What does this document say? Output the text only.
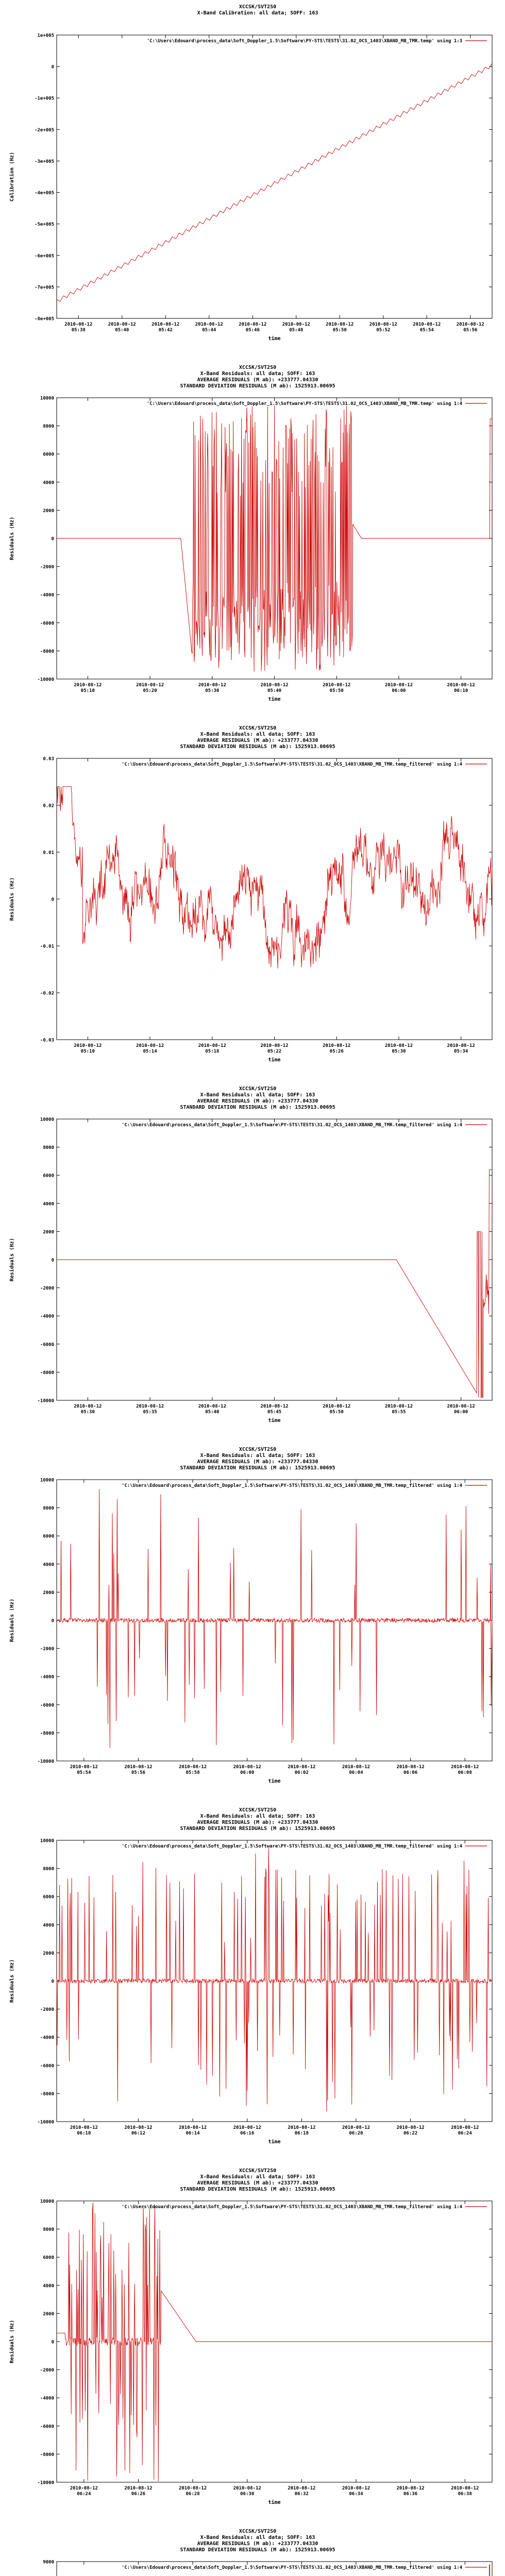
XCCSK/SVT2S0
X-Band Calibration: all data; SOFF: 163
'C:\Users\Edouard\process_data\Soft_Doppler_1.5\Software\PY-STS\TESTS\31.02_OCS_1403\XBAND_MB_TMR.temp' using 1:3
1e+005
0
-1e+005
-2e+005
-3e+005
-4e+005
-5e+005
-6e+005
-7e+005
-8e+005
2010-08-12
05:38
2010-08-12
05:40
2010-08-12
05:42
2010-08-12
05:44
2010-08-12
05:46
2010-08-12
05:48
2010-08-12
05:50
2010-08-12
05:52
2010-08-12
05:54
2010-08-12
05:56
time
Calibration (Hz)
XCCSK/SVT2S0
X-Band Residuals: all data; SOFF: 163
AVERAGE RESIDUALS (M ab): +233777.04330
STANDARD DEVIATION RESIDUALS (M ab): 1525913.00695
'C:\Users\Edouard\process_data\Soft_Doppler_1.5\Software\PY-STS\TESTS\31.02_OCS_1403\XBAND_MB_TMR.temp' using 1:4
10000
8000
6000
4000
2000
0
-2000
-4000
-6000
-8000
-10000
2010-08-12
05:10
2010-08-12
05:20
2010-08-12
05:30
2010-08-12
05:40
2010-08-12
05:50
2010-08-12
06:00
2010-08-12
06:10
time
Residuals (Hz)
XCCSK/SVT2S0
X-Band Residuals: all data; SOFF: 163
AVERAGE RESIDUALS (M ab): +233777.04330
STANDARD DEVIATION RESIDUALS (M ab): 1525913.00695
'C:\Users\Edouard\process_data\Soft_Doppler_1.5\Software\PY-STS\TESTS\31.02_OCS_1403\XBAND_MB_TMR.temp_filtered' using 1:4
0.03
0.02
0.01
0
-0.01
-0.02
-0.03
2010-08-12
05:10
2010-08-12
05:14
2010-08-12
05:18
2010-08-12
05:22
2010-08-12
05:26
2010-08-12
05:30
2010-08-12
05:34
time
Residuals (Hz)
XCCSK/SVT2S0
X-Band Residuals: all data; SOFF: 163
AVERAGE RESIDUALS (M ab): +233777.04330
STANDARD DEVIATION RESIDUALS (M ab): 1525913.00695
'C:\Users\Edouard\process_data\Soft_Doppler_1.5\Software\PY-STS\TESTS\31.02_OCS_1403\XBAND_MB_TMR.temp_filtered' using 1:4
10000
8000
6000
4000
2000
0
-2000
-4000
-6000
-8000
-10000
2010-08-12
05:30
2010-08-12
05:35
2010-08-12
05:40
2010-08-12
05:45
2010-08-12
05:50
2010-08-12
05:55
2010-08-12
06:00
time
Residuals (Hz)
XCCSK/SVT2S0
X-Band Residuals: all data; SOFF: 163
AVERAGE RESIDUALS (M ab): +233777.04330
STANDARD DEVIATION RESIDUALS (M ab): 1525913.00695
'C:\Users\Edouard\process_data\Soft_Doppler_1.5\Software\PY-STS\TESTS\31.02_OCS_1403\XBAND_MB_TMR.temp_filtered' using 1:4
10000
8000
6000
4000
2000
0
-2000
-4000
-6000
-8000
-10000
2010-08-12
05:54
2010-08-12
05:56
2010-08-12
05:58
2010-08-12
06:00
2010-08-12
06:02
2010-08-12
06:04
2010-08-12
06:06
2010-08-12
06:08
time
Residuals (Hz)
XCCSK/SVT2S0
X-Band Residuals: all data; SOFF: 163
AVERAGE RESIDUALS (M ab): +233777.04330
STANDARD DEVIATION RESIDUALS (M ab): 1525913.00695
'C:\Users\Edouard\process_data\Soft_Doppler_1.5\Software\PY-STS\TESTS\31.02_OCS_1403\XBAND_MB_TMR.temp_filtered' using 1:4
10000
8000
6000
4000
2000
0
-2000
-4000
-6000
-8000
-10000
2010-08-12
06:10
2010-08-12
06:12
2010-08-12
06:14
2010-08-12
06:16
2010-08-12
06:18
2010-08-12
06:20
2010-08-12
06:22
2010-08-12
06:24
time
Residuals (Hz)
XCCSK/SVT2S0
X-Band Residuals: all data; SOFF: 163
AVERAGE RESIDUALS (M ab): +233777.04330
STANDARD DEVIATION RESIDUALS (M ab): 1525913.00695
'C:\Users\Edouard\process_data\Soft_Doppler_1.5\Software\PY-STS\TESTS\31.02_OCS_1403\XBAND_MB_TMR.temp_filtered' using 1:4
10000
8000
6000
4000
2000
0
-2000
-4000
-6000
-8000
-10000
2010-08-12
06:24
2010-08-12
06:26
2010-08-12
06:28
2010-08-12
06:30
2010-08-12
06:32
2010-08-12
06:34
2010-08-12
06:36
2010-08-12
06:38
time
Residuals (Hz)
XCCSK/SVT2S0
X-Band Residuals: all data; SOFF: 163
AVERAGE RESIDUALS (M ab): +233777.04330
STANDARD DEVIATION RESIDUALS (M ab): 1525913.00695
'C:\Users\Edouard\process_data\Soft_Doppler_1.5\Software\PY-STS\TESTS\31.02_OCS_1403\XBAND_MB_TMR.temp_filtered' using 1:4
9000
